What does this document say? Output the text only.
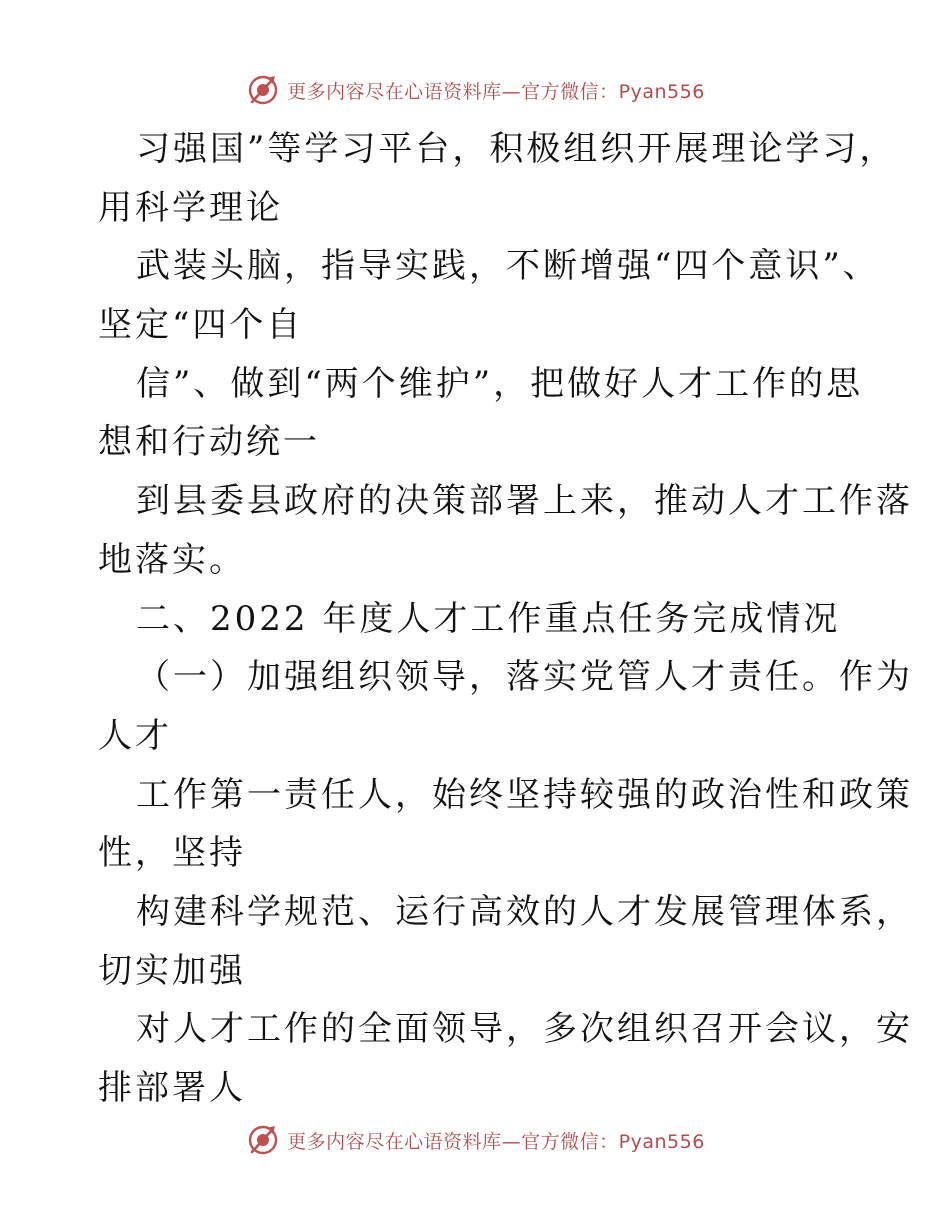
更多内容尽在心语资料库—官方微信：Pyan556
习强国”等学习平台，积极组织开展理论学习，
用科学理论
武装头脑，指导实践，不断增强“四个意识”、
坚定“四个自
信”、做到“两个维护”，把做好人才工作的思
想和行动统一
到县委县政府的决策部署上来，推动人才工作落
地落实。
二、2022 年度人才工作重点任务完成情况
（一）加强组织领导，落实党管人才责任。作为
人才
工作第一责任人，始终坚持较强的政治性和政策
性，坚持
构建科学规范、运行高效的人才发展管理体系，
切实加强
对人才工作的全面领导，多次组织召开会议，安
排部署人
更多内容尽在心语资料库—官方微信：Pyan556
